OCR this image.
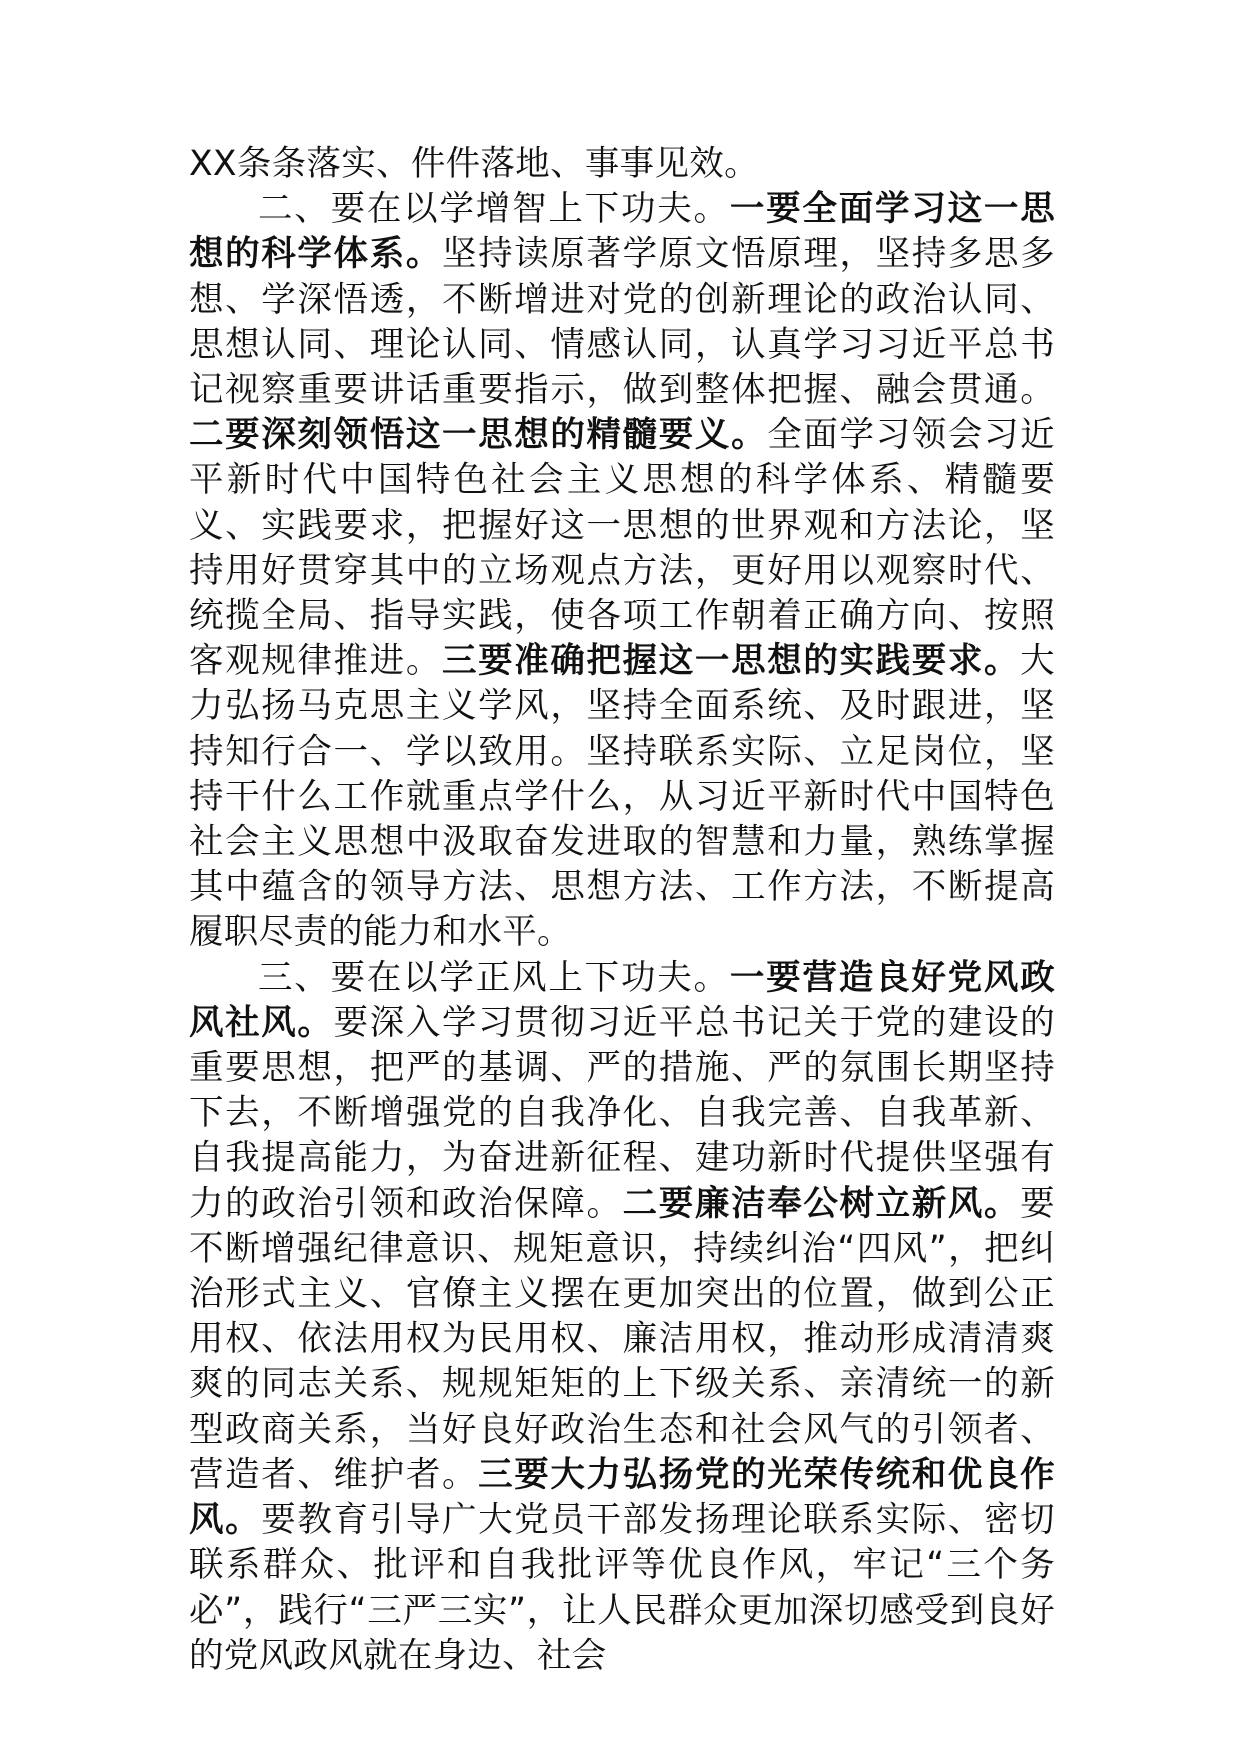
XX条条落实、件件落地、事事见效。

二、要在以学增智上下功夫。一要全面学习这一思想的科学体系。坚持读原著学原文悟原理，坚持多思多想、学深悟透，不断增进对党的创新理论的政治认同、思想认同、理论认同、情感认同，认真学习习近平总书记视察重要讲话重要指示，做到整体把握、融会贯通。二要深刻领悟这一思想的精髓要义。全面学习领会习近平新时代中国特色社会主义思想的科学体系、精髓要义、实践要求，把握好这一思想的世界观和方法论，坚持用好贯穿其中的立场观点方法，更好用以观察时代、统揽全局、指导实践，使各项工作朝着正确方向、按照客观规律推进。三要准确把握这一思想的实践要求。大力弘扬马克思主义学风，坚持全面系统、及时跟进，坚持知行合一、学以致用。坚持联系实际、立足岗位，坚持干什么工作就重点学什么，从习近平新时代中国特色社会主义思想中汲取奋发进取的智慧和力量，熟练掌握其中蕴含的领导方法、思想方法、工作方法，不断提高履职尽责的能力和水平。

三、要在以学正风上下功夫。一要营造良好党风政风社风。要深入学习贯彻习近平总书记关于党的建设的重要思想，把严的基调、严的措施、严的氛围长期坚持下去，不断增强党的自我净化、自我完善、自我革新、自我提高能力，为奋进新征程、建功新时代提供坚强有力的政治引领和政治保障。二要廉洁奉公树立新风。要不断增强纪律意识、规矩意识，持续纠治“四风”，把纠治形式主义、官僚主义摆在更加突出的位置，做到公正用权、依法用权为民用权、廉洁用权，推动形成清清爽爽的同志关系、规规矩矩的上下级关系、亲清统一的新型政商关系，当好良好政治生态和社会风气的引领者、营造者、维护者。三要大力弘扬党的光荣传统和优良作风。要教育引导广大党员干部发扬理论联系实际、密切联系群众、批评和自我批评等优良作风，牢记“三个务必”，践行“三严三实”，让人民群众更加深切感受到良好的党风政风就在身边、社会
